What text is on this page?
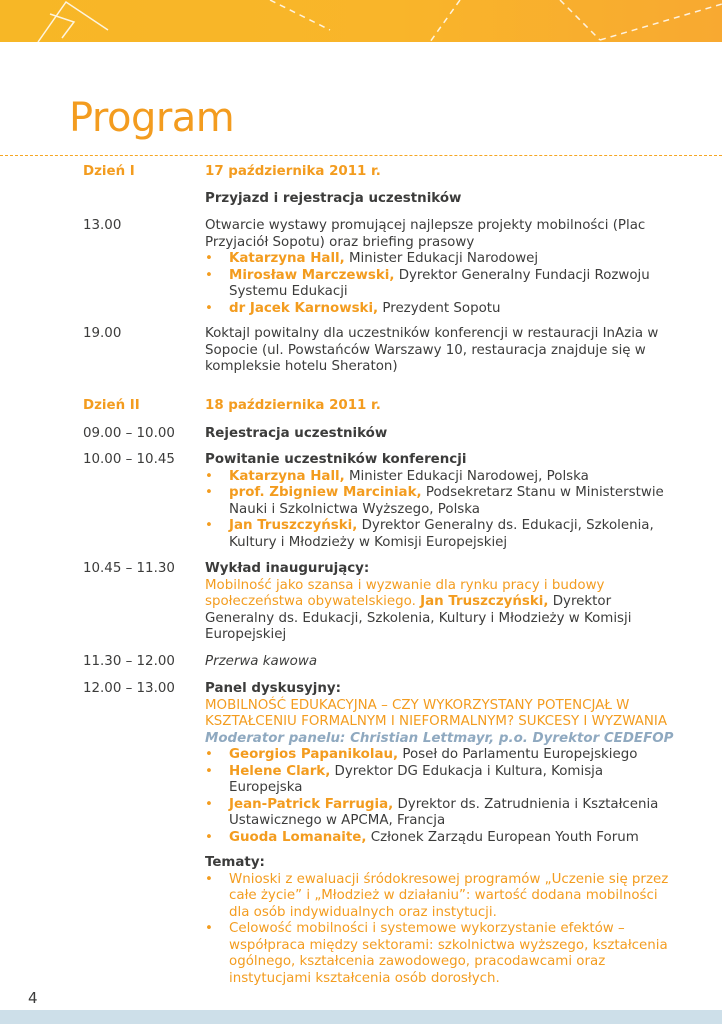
Program
Dzień I	17 października 2011 r.
Przyjazd i rejestracja uczestników
13.00	Otwarcie wystawy promującej najlepsze projekty mobilności (Plac Przyjaciół Sopotu) oraz briefing prasowy
• Katarzyna Hall, Minister Edukacji Narodowej
• Mirosław Marczewski, Dyrektor Generalny Fundacji Rozwoju Systemu Edukacji
• dr Jacek Karnowski, Prezydent Sopotu
19.00	Koktajl powitalny dla uczestników konferencji w restauracji InAzia w Sopocie (ul. Powstańców Warszawy 10, restauracja znajduje się w kompleksie hotelu Sheraton)
Dzień II	18 października 2011 r.
09.00 – 10.00	Rejestracja uczestników
10.00 – 10.45	Powitanie uczestników konferencji
• Katarzyna Hall, Minister Edukacji Narodowej, Polska
• prof. Zbigniew Marciniak, Podsekretarz Stanu w Ministerstwie Nauki i Szkolnictwa Wyższego, Polska
• Jan Truszczyński, Dyrektor Generalny ds. Edukacji, Szkolenia, Kultury i Młodzieży w Komisji Europejskiej
10.45 – 11.30	Wykład inaugurujący:
Mobilność jako szansa i wyzwanie dla rynku pracy i budowy społeczeństwa obywatelskiego. Jan Truszczyński, Dyrektor Generalny ds. Edukacji, Szkolenia, Kultury i Młodzieży w Komisji Europejskiej
11.30 – 12.00	Przerwa kawowa
12.00 – 13.00	Panel dyskusyjny:
MOBILNOŚĆ EDUKACYJNA – CZY WYKORZYSTANY POTENCJAŁ W KSZTAŁCENIU FORMALNYM I NIEFORMALNYM? SUKCESY I WYZWANIA
Moderator panelu: Christian Lettmayr, p.o. Dyrektor CEDEFOP
• Georgios Papanikolau, Poseł do Parlamentu Europejskiego
• Helene Clark, Dyrektor DG Edukacja i Kultura, Komisja Europejska
• Jean-Patrick Farrugia, Dyrektor ds. Zatrudnienia i Kształcenia Ustawicznego w APCMA, Francja
• Guoda Lomanaite, Członek Zarządu European Youth Forum
Tematy:
• Wnioski z ewaluacji śródokresowej programów „Uczenie się przez całe życie” i „Młodzież w działaniu”: wartość dodana mobilności dla osób indywidualnych oraz instytucji.
• Celowość mobilności i systemowe wykorzystanie efektów – współpraca między sektorami: szkolnictwa wyższego, kształcenia ogólnego, kształcenia zawodowego, pracodawcami oraz instytucjami kształcenia osób dorosłych.
4
